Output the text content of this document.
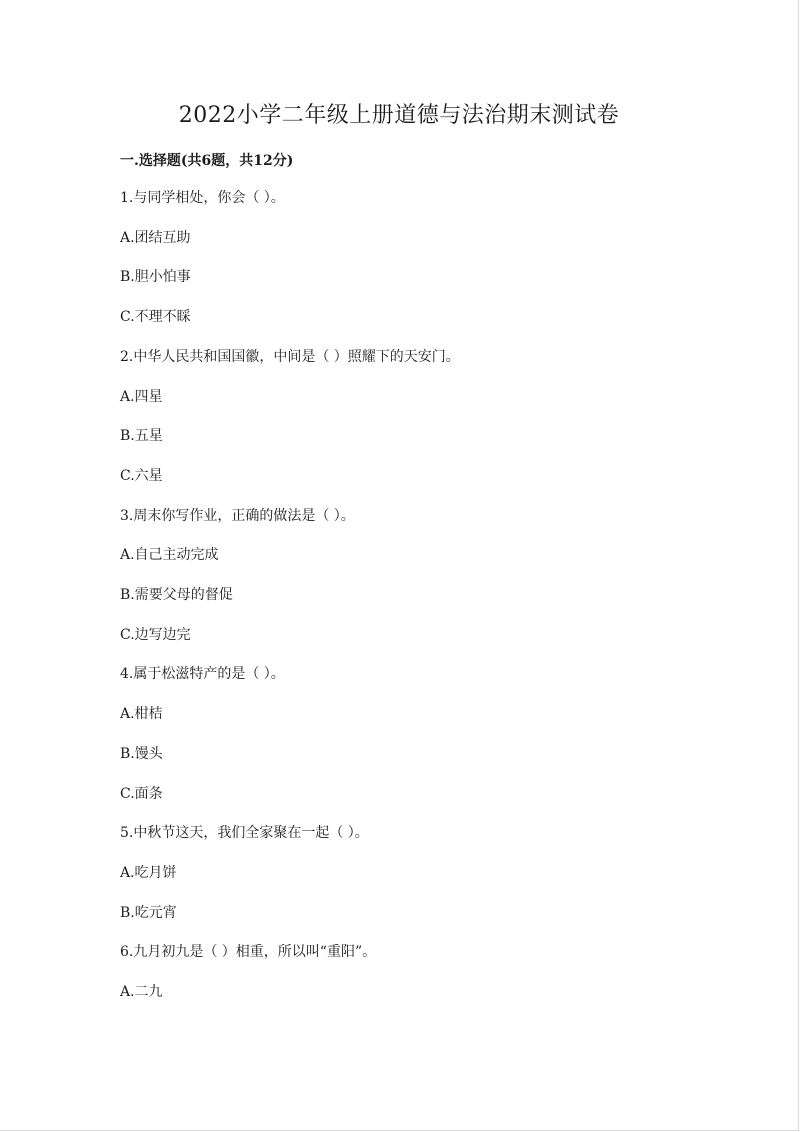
2022小学二年级上册道德与法治期末测试卷
一.选择题(共6题，共12分)
1.与同学相处，你会（ ）。
A.团结互助
B.胆小怕事
C.不理不睬
2.中华人民共和国国徽，中间是（ ）照耀下的天安门。
A.四星
B.五星
C.六星
3.周末你写作业，正确的做法是（ ）。
A.自己主动完成
B.需要父母的督促
C.边写边完
4.属于松滋特产的是（ ）。
A.柑桔
B.馒头
C.面条
5.中秋节这天，我们全家聚在一起（ ）。
A.吃月饼
B.吃元宵
6.九月初九是（ ）相重，所以叫“重阳”。
A.二九
